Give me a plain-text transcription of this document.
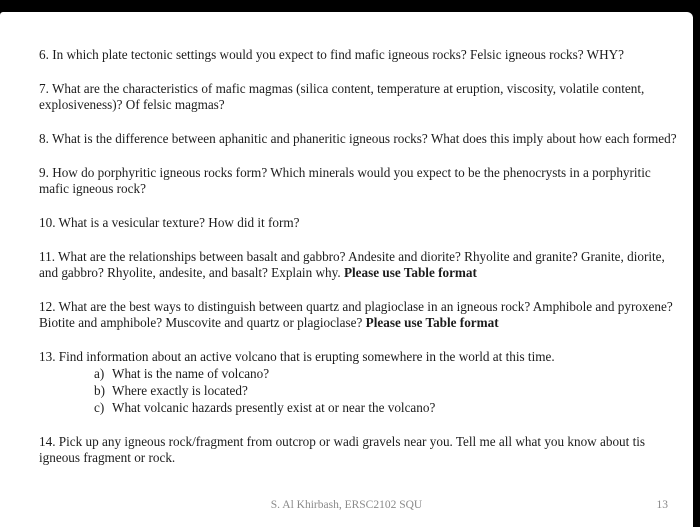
6. In which plate tectonic settings would you expect to find mafic igneous rocks? Felsic igneous rocks? WHY?

7. What are the characteristics of mafic magmas (silica content, temperature at eruption, viscosity, volatile content, explosiveness)? Of felsic magmas?

8. What is the difference between aphanitic and phaneritic igneous rocks? What does this imply about how each formed?

9. How do porphyritic igneous rocks form? Which minerals would you expect to be the phenocrysts in a porphyritic mafic igneous rock?

10. What is a vesicular texture? How did it form?

11. What are the relationships between basalt and gabbro? Andesite and diorite? Rhyolite and granite? Granite, diorite, and gabbro? Rhyolite, andesite, and basalt? Explain why. Please use Table format

12. What are the best ways to distinguish between quartz and plagioclase in an igneous rock? Amphibole and pyroxene? Biotite and amphibole? Muscovite and quartz or plagioclase? Please use Table format

13. Find information about an active volcano that is erupting somewhere in the world at this time.
a) What is the name of volcano?
b) Where exactly is located?
c) What volcanic hazards presently exist at or near the volcano?

14. Pick up any igneous rock/fragment from outcrop or wadi gravels near you. Tell me all what you know about tis igneous fragment or rock.

S. Al Khirbash, ERSC2102 SQU	13
